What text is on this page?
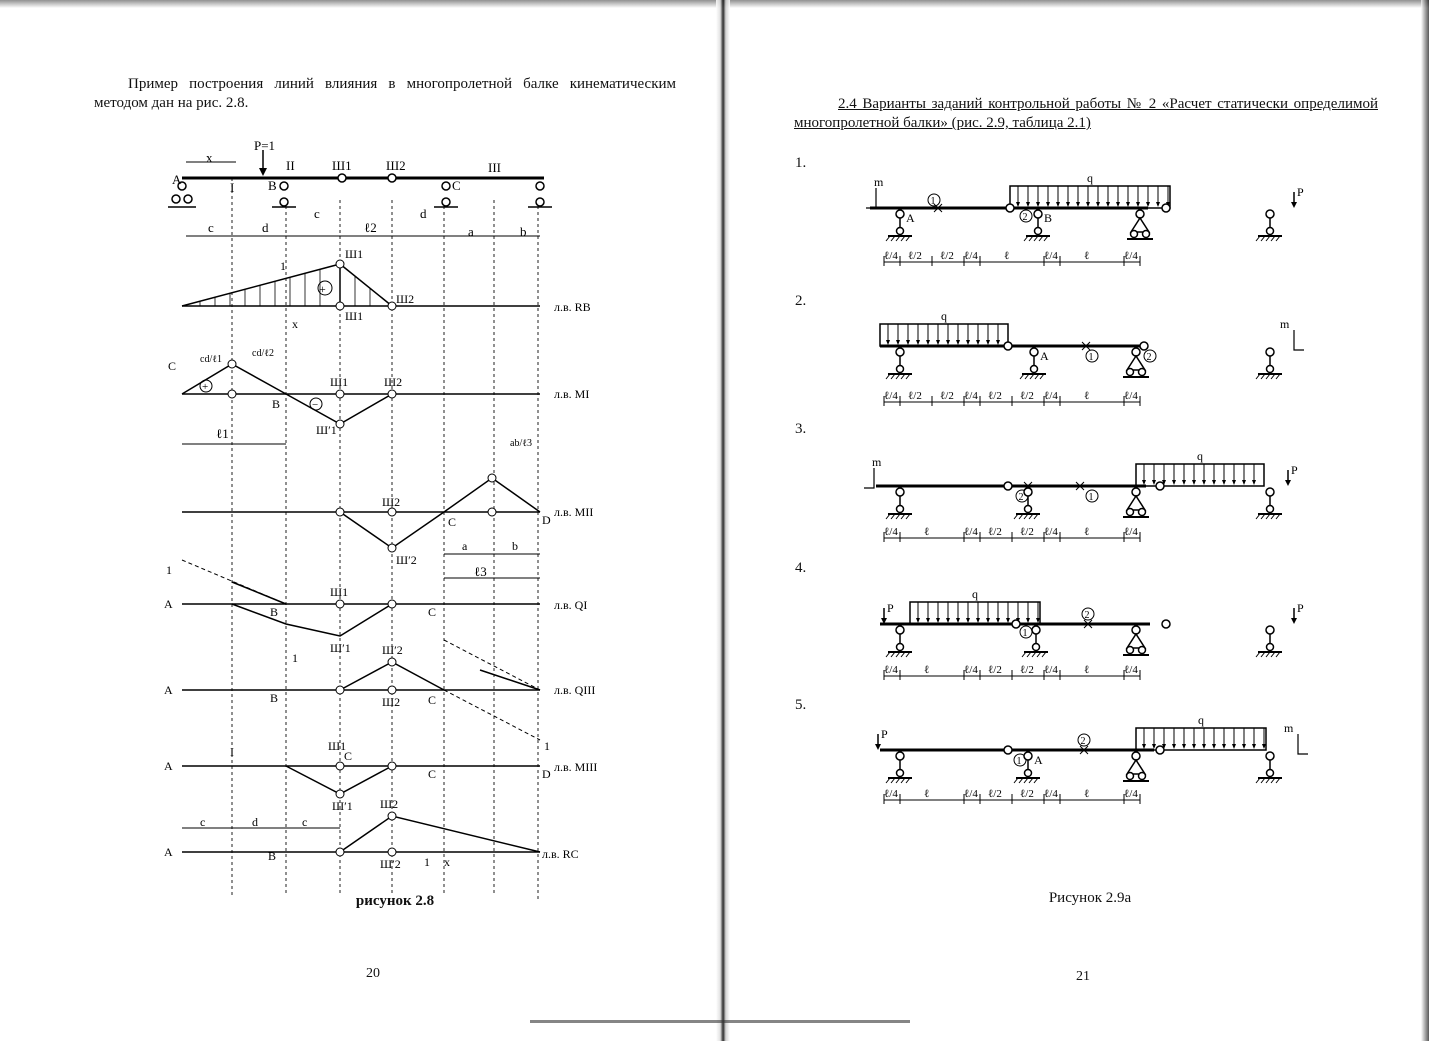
Пример построения линий влияния в многопролетной балке кинематическим методом дан на рис. 2.8.
P=1
x
A
I	B
II	Ш1	Ш2
C
III
c	d
c	d	ℓ2	a	b
+
л.в. RB
Ш1
Ш1
Ш2
1
x
+
−
л.в. MI
cd/ℓ1
cd/ℓ2
B
Ш1	Ш2
Ш′1
ℓ1
C
л.в. MII
Ш2
Ш′2
C	D
ab/ℓ3
a	b
ℓ3
л.в. QI
A
Ш1
Ш′1
1
B	C
1
л.в. QIII
A
B	C
Ш′2
Ш2
1
л.в. MIII
A
I	Ш1
C
Ш′1
C	D
c	d	c
л.в. RC
A	B
Ш2
Ш′2 1 x
рисунок 2.8
20
2.4 Варианты заданий контрольной работы № 2 «Расчет статически определимой многопролетной балки» (рис. 2.9, таблица 2.1)
1.
2.
3.
4.
5.
q
m
A
1
2 B
P
ℓ/4 ℓ/2 ℓ/2 ℓ/4 ℓ	ℓ/4 ℓ	ℓ/4
q
A	1	2
m
ℓ/4 ℓ/2 ℓ/2 ℓ/4 ℓ/2 ℓ/2 ℓ/4 ℓ	ℓ/4
q
m
2	1
P
ℓ/4 ℓ	ℓ/4 ℓ/2 ℓ/2 ℓ/4 ℓ	ℓ/4
q
P
1
2
P
ℓ/4 ℓ	ℓ/4 ℓ/2 ℓ/2 ℓ/4 ℓ	ℓ/4
q
P
1 A
2
m
ℓ/4 ℓ	ℓ/4 ℓ/2 ℓ/2 ℓ/4 ℓ	ℓ/4
Рисунок 2.9а
21
